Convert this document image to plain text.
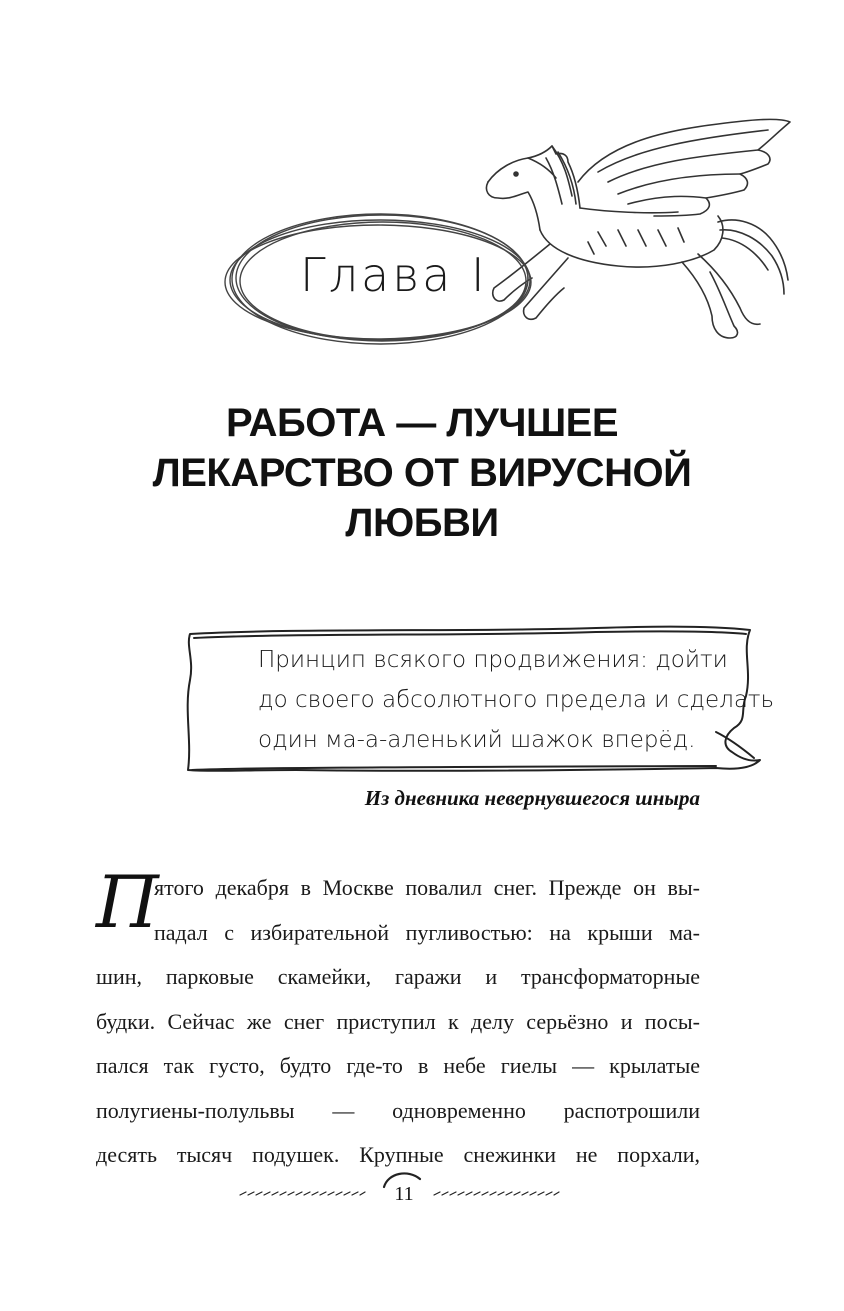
Глава I
РАБОТА — ЛУЧШЕЕ
ЛЕКАРСТВО ОТ ВИРУСНОЙ
ЛЮБВИ
Принцип всякого продвижения: дойти
до своего абсолютного предела и сделать
один ма-а-аленький шажок вперёд.
Из дневника невернувшегося шныра
П
ятого декабря в Москве повалил снег. Прежде он вы-
падал с избирательной пугливостью: на крыши ма-
шин, парковые скамейки, гаражи и трансформаторные
будки. Сейчас же снег приступил к делу серьёзно и посы-
пался так густо, будто где-то в небе гиелы — крылатые
полугиены-полульвы — одновременно распотрошили
десять тысяч подушек. Крупные снежинки не порхали,
11
